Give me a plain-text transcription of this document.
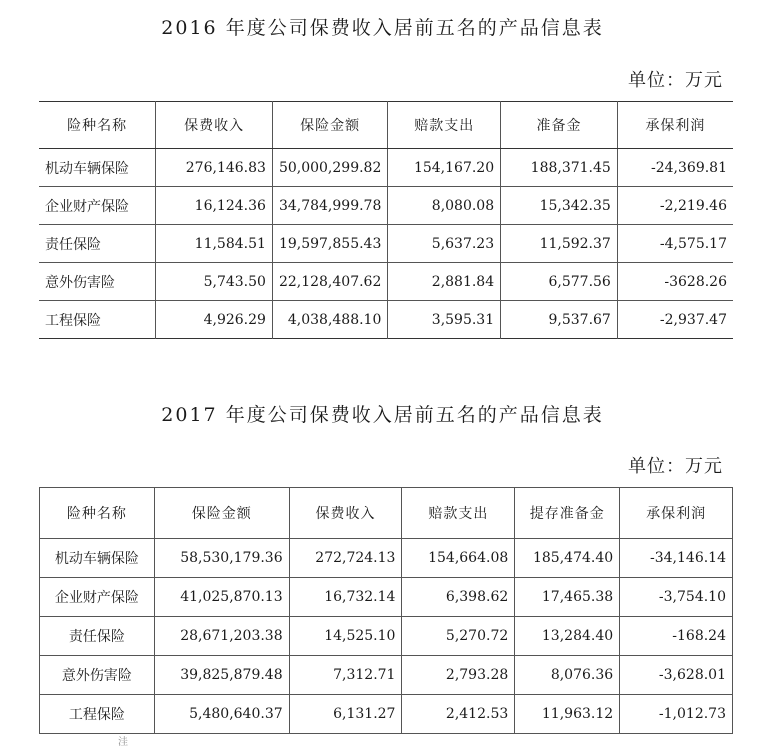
2016 年度公司保费收入居前五名的产品信息表
单位：万元
险种名称	保费收入	保险金额	赔款支出	准备金	承保利润
机动车辆保险	276,146.83	50,000,299.82	154,167.20	188,371.45	-24,369.81
企业财产保险	16,124.36	34,784,999.78	8,080.08	15,342.35	-2,219.46
责任保险	11,584.51	19,597,855.43	5,637.23	11,592.37	-4,575.17
意外伤害险	5,743.50	22,128,407.62	2,881.84	6,577.56	-3628.26
工程保险	4,926.29	4,038,488.10	3,595.31	9,537.67	-2,937.47
2017 年度公司保费收入居前五名的产品信息表
单位：万元
险种名称	保险金额	保费收入	赔款支出	提存准备金	承保利润
机动车辆保险	58,530,179.36	272,724.13	154,664.08	185,474.40	-34,146.14
企业财产保险	41,025,870.13	16,732.14	6,398.62	17,465.38	-3,754.10
责任保险	28,671,203.38	14,525.10	5,270.72	13,284.40	-168.24
意外伤害险	39,825,879.48	7,312.71	2,793.28	8,076.36	-3,628.01
工程保险	5,480,640.37	6,131.27	2,412.53	11,963.12	-1,012.73
洼
